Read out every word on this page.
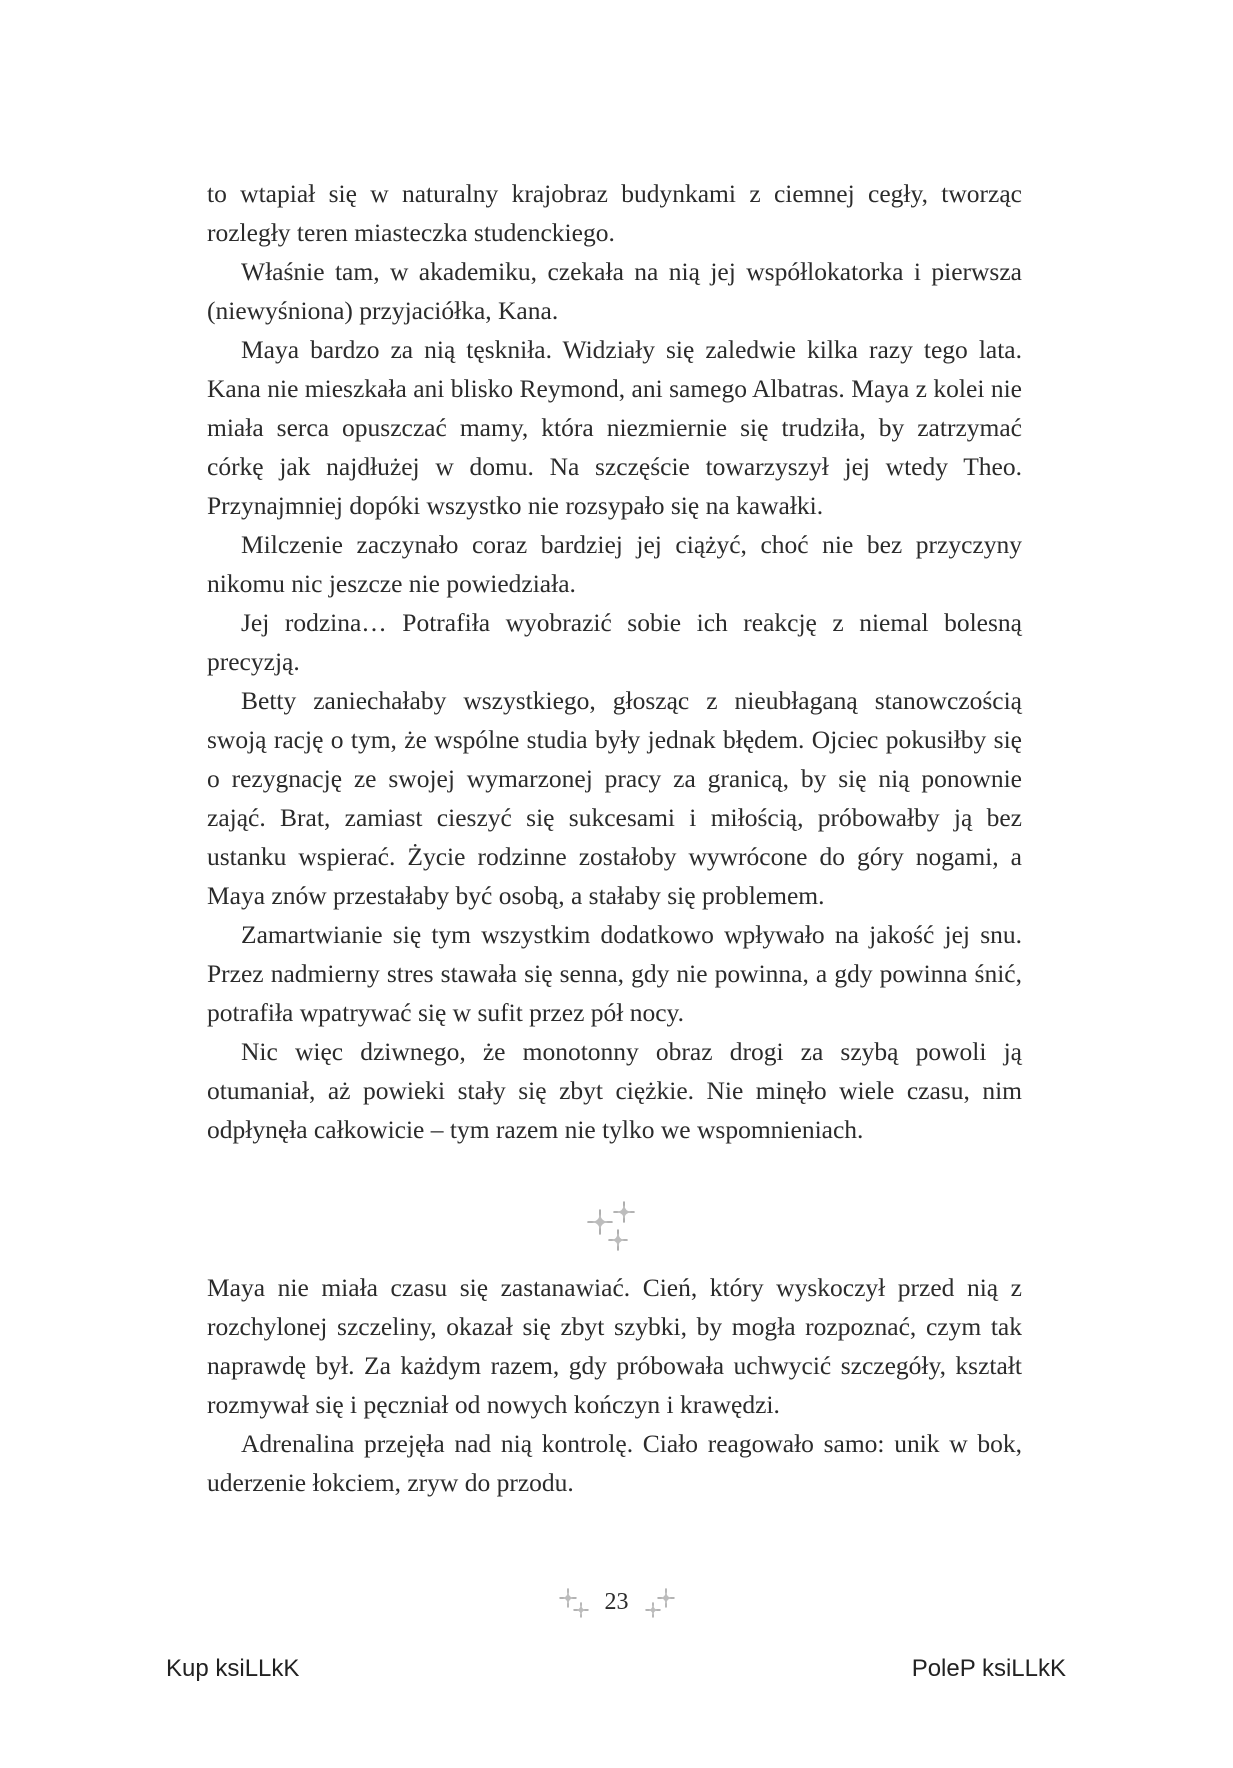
to wtapiał się w naturalny krajobraz budynkami z ciemnej cegły, tworząc rozległy teren miasteczka studenckiego.

Właśnie tam, w akademiku, czekała na nią jej współlokatorka i pierwsza (niewyśniona) przyjaciółka, Kana.

Maya bardzo za nią tęskniła. Widziały się zaledwie kilka razy tego lata. Kana nie mieszkała ani blisko Reymond, ani samego Albatras. Maya z kolei nie miała serca opuszczać mamy, która niezmiernie się trudziła, by zatrzymać córkę jak najdłużej w domu. Na szczęście towarzyszył jej wtedy Theo. Przynajmniej dopóki wszystko nie rozsypało się na kawałki.

Milczenie zaczynało coraz bardziej jej ciążyć, choć nie bez przyczyny nikomu nic jeszcze nie powiedziała.

Jej rodzina… Potrafiła wyobrazić sobie ich reakcję z niemal bolesną precyzją.

Betty zaniechałaby wszystkiego, głosząc z nieubłaganą stanowczością swoją rację o tym, że wspólne studia były jednak błędem. Ojciec pokusiłby się o rezygnację ze swojej wymarzonej pracy za granicą, by się nią ponownie zająć. Brat, zamiast cieszyć się sukcesami i miłością, próbowałby ją bez ustanku wspierać. Życie rodzinne zostałoby wywrócone do góry nogami, a Maya znów przestałaby być osobą, a stałaby się problemem.

Zamartwianie się tym wszystkim dodatkowo wpływało na jakość jej snu. Przez nadmierny stres stawała się senna, gdy nie powinna, a gdy powinna śnić, potrafiła wpatrywać się w sufit przez pół nocy.

Nic więc dziwnego, że monotonny obraz drogi za szybą powoli ją otumaniał, aż powieki stały się zbyt ciężkie. Nie minęło wiele czasu, nim odpłynęła całkowicie – tym razem nie tylko we wspomnieniach.

Maya nie miała czasu się zastanawiać. Cień, który wyskoczył przed nią z rozchylonej szczeliny, okazał się zbyt szybki, by mogła rozpoznać, czym tak naprawdę był. Za każdym razem, gdy próbowała uchwycić szczegóły, kształt rozmywał się i pęczniał od nowych kończyn i krawędzi.

Adrenalina przejęła nad nią kontrolę. Ciało reagowało samo: unik w bok, uderzenie łokciem, zryw do przodu.

23
Kup ksiLLkK	PoleP ksiLLkK
